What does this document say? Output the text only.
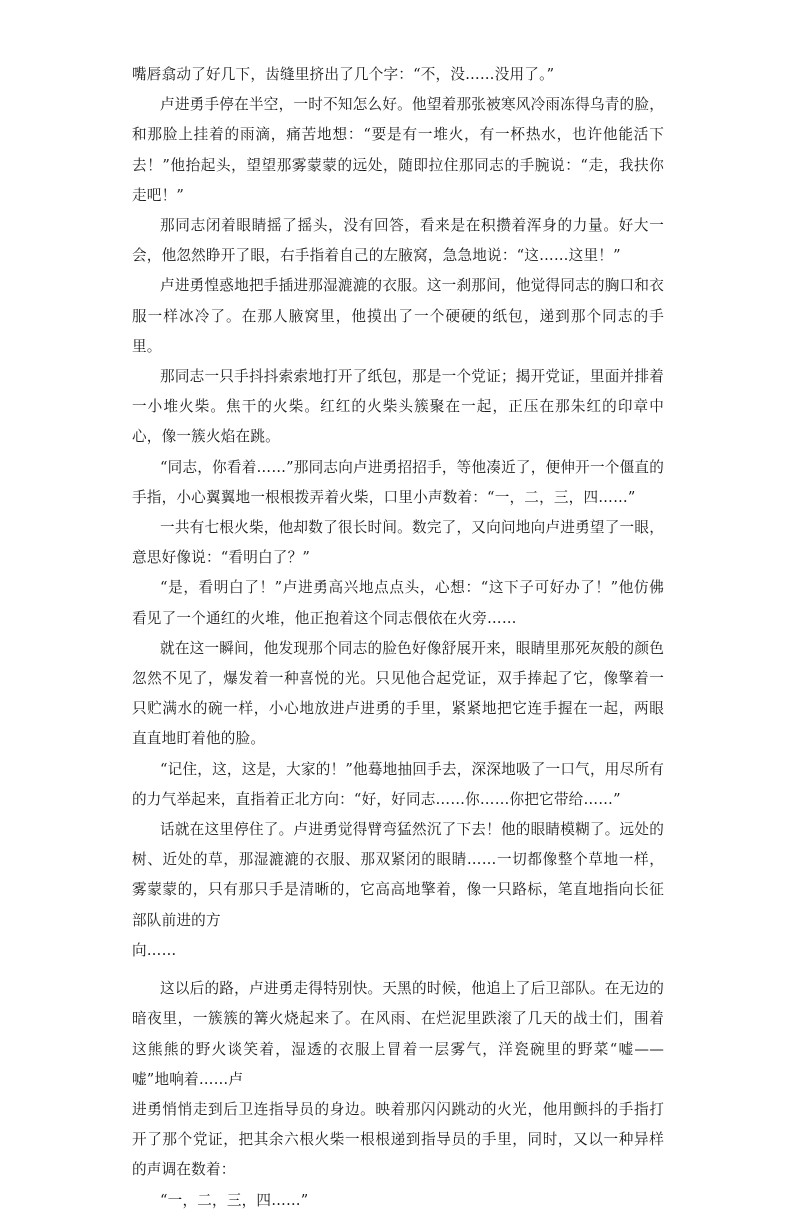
嘴唇翕动了好几下，齿缝里挤出了几个字：“不，没……没用了。”

卢进勇手停在半空，一时不知怎么好。他望着那张被寒风冷雨冻得乌青的脸，和那脸上挂着的雨滴，痛苦地想：“要是有一堆火，有一杯热水，也许他能活下去！”他抬起头，望望那雾蒙蒙的远处，随即拉住那同志的手腕说：“走，我扶你走吧！”

那同志闭着眼睛摇了摇头，没有回答，看来是在积攒着浑身的力量。好大一会，他忽然睁开了眼，右手指着自己的左腋窝，急急地说：“这……这里！”

卢进勇惶惑地把手插进那湿漉漉的衣服。这一刹那间，他觉得同志的胸口和衣服一样冰冷了。在那人腋窝里，他摸出了一个硬硬的纸包，递到那个同志的手里。

那同志一只手抖抖索索地打开了纸包，那是一个党证；揭开党证，里面并排着一小堆火柴。焦干的火柴。红红的火柴头簇聚在一起，正压在那朱红的印章中心，像一簇火焰在跳。

“同志，你看着……”那同志向卢进勇招招手，等他凑近了，便伸开一个僵直的手指，小心翼翼地一根根拨弄着火柴，口里小声数着：“一，二，三，四……”

一共有七根火柴，他却数了很长时间。数完了，又向问地向卢进勇望了一眼，意思好像说：“看明白了？”

“是，看明白了！”卢进勇高兴地点点头，心想：“这下子可好办了！”他仿佛看见了一个通红的火堆，他正抱着这个同志偎依在火旁……

就在这一瞬间，他发现那个同志的脸色好像舒展开来，眼睛里那死灰般的颜色忽然不见了，爆发着一种喜悦的光。只见他合起党证，双手捧起了它，像擎着一只贮满水的碗一样，小心地放进卢进勇的手里，紧紧地把它连手握在一起，两眼直直地盯着他的脸。

“记住，这，这是，大家的！”他蓦地抽回手去，深深地吸了一口气，用尽所有的力气举起来，直指着正北方向：“好，好同志……你……你把它带给……”

话就在这里停住了。卢进勇觉得臂弯猛然沉了下去！他的眼睛模糊了。远处的树、近处的草，那湿漉漉的衣服、那双紧闭的眼睛……一切都像整个草地一样，雾蒙蒙的，只有那只手是清晰的，它高高地擎着，像一只路标，笔直地指向长征部队前进的方

向……

这以后的路，卢进勇走得特别快。天黑的时候，他追上了后卫部队。在无边的暗夜里，一簇簇的篝火烧起来了。在风雨、在烂泥里跌滚了几天的战士们，围着这熊熊的野火谈笑着，湿透的衣服上冒着一层雾气，洋瓷碗里的野菜“嘘——嘘”地响着……卢

进勇悄悄走到后卫连指导员的身边。映着那闪闪跳动的火光，他用颤抖的手指打开了那个党证，把其余六根火柴一根根递到指导员的手里，同时，又以一种异样的声调在数着：

“一，二，三，四……”
